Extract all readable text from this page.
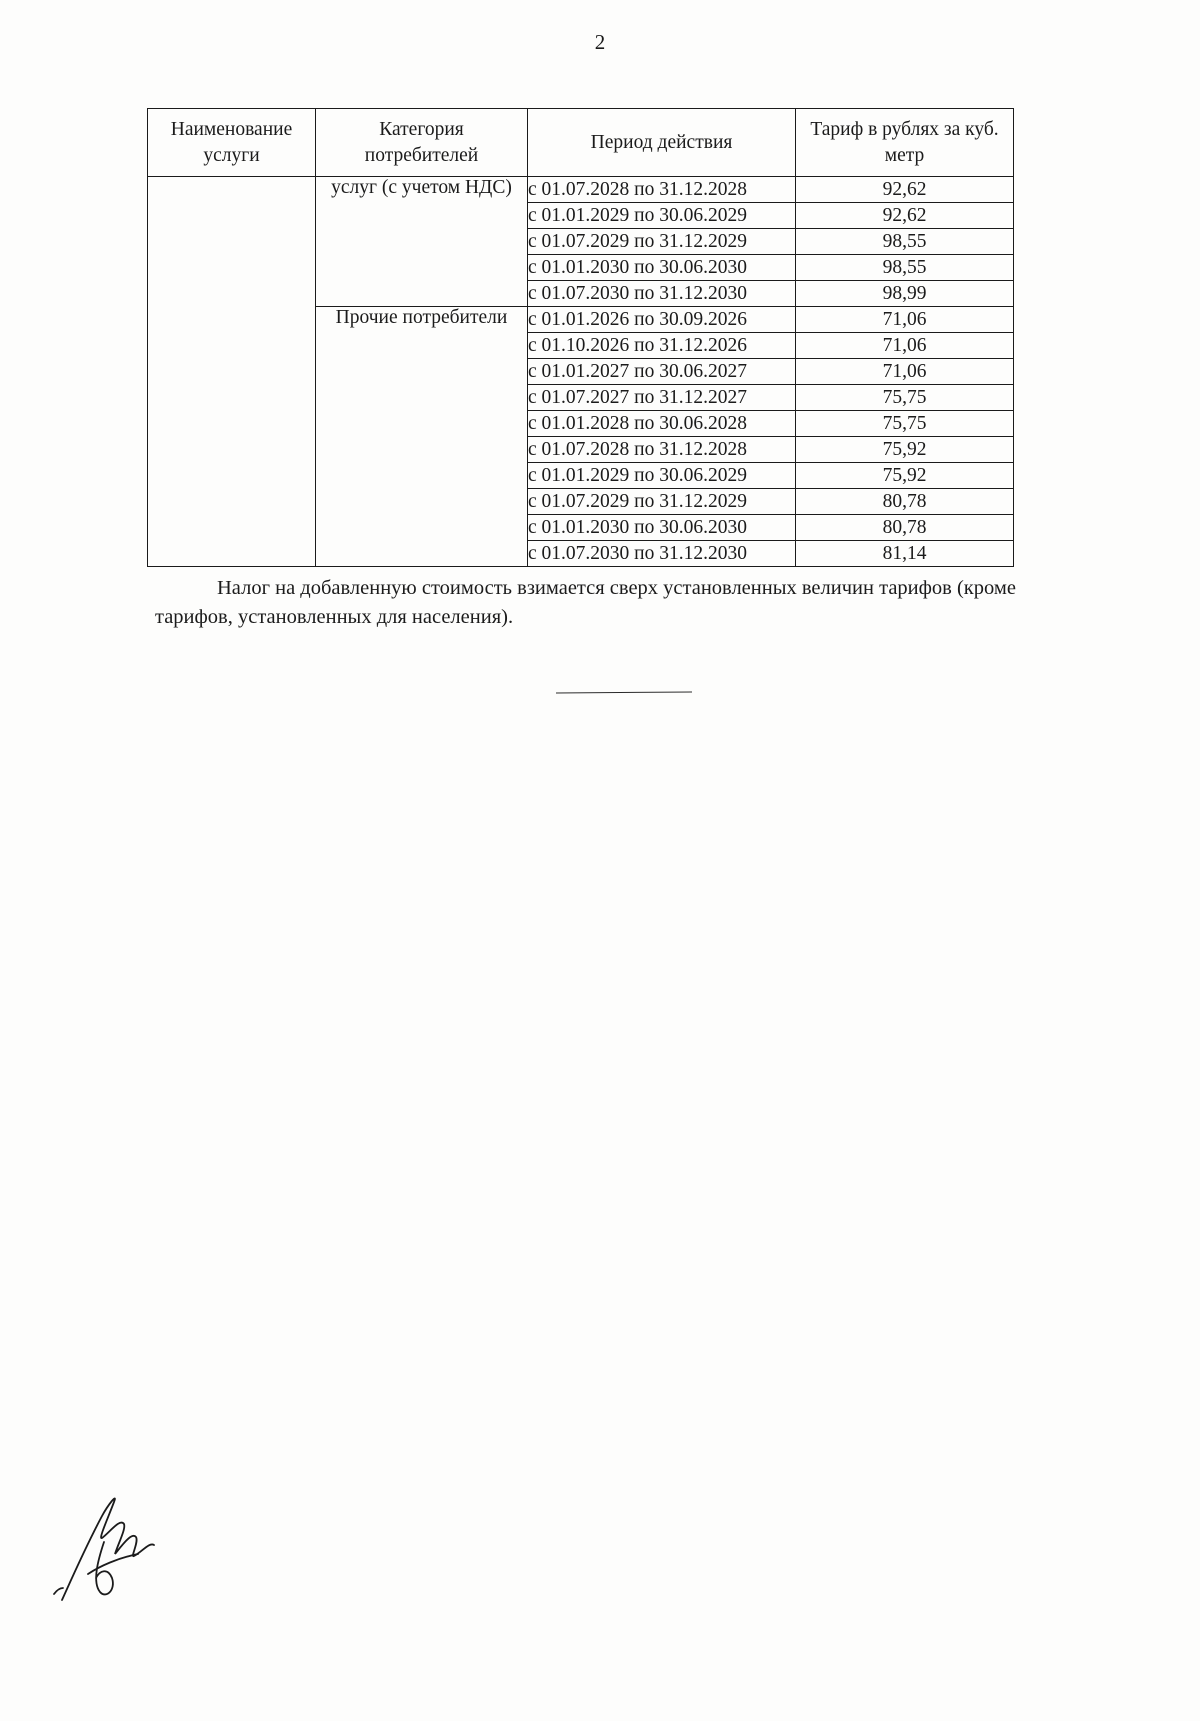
2
Наименование услуги	Категория потребителей	Период действия	Тариф в рублях за куб. метр
	услуг (с учетом НДС)	с 01.07.2028 по 31.12.2028	92,62
		с 01.01.2029 по 30.06.2029	92,62
		с 01.07.2029 по 31.12.2029	98,55
		с 01.01.2030 по 30.06.2030	98,55
		с 01.07.2030 по 31.12.2030	98,99
	Прочие потребители	с 01.01.2026 по 30.09.2026	71,06
		с 01.10.2026 по 31.12.2026	71,06
		с 01.01.2027 по 30.06.2027	71,06
		с 01.07.2027 по 31.12.2027	75,75
		с 01.01.2028 по 30.06.2028	75,75
		с 01.07.2028 по 31.12.2028	75,92
		с 01.01.2029 по 30.06.2029	75,92
		с 01.07.2029 по 31.12.2029	80,78
		с 01.01.2030 по 30.06.2030	80,78
		с 01.07.2030 по 31.12.2030	81,14

Налог на добавленную стоимость взимается сверх установленных величин тарифов (кроме тарифов, установленных для населения).
